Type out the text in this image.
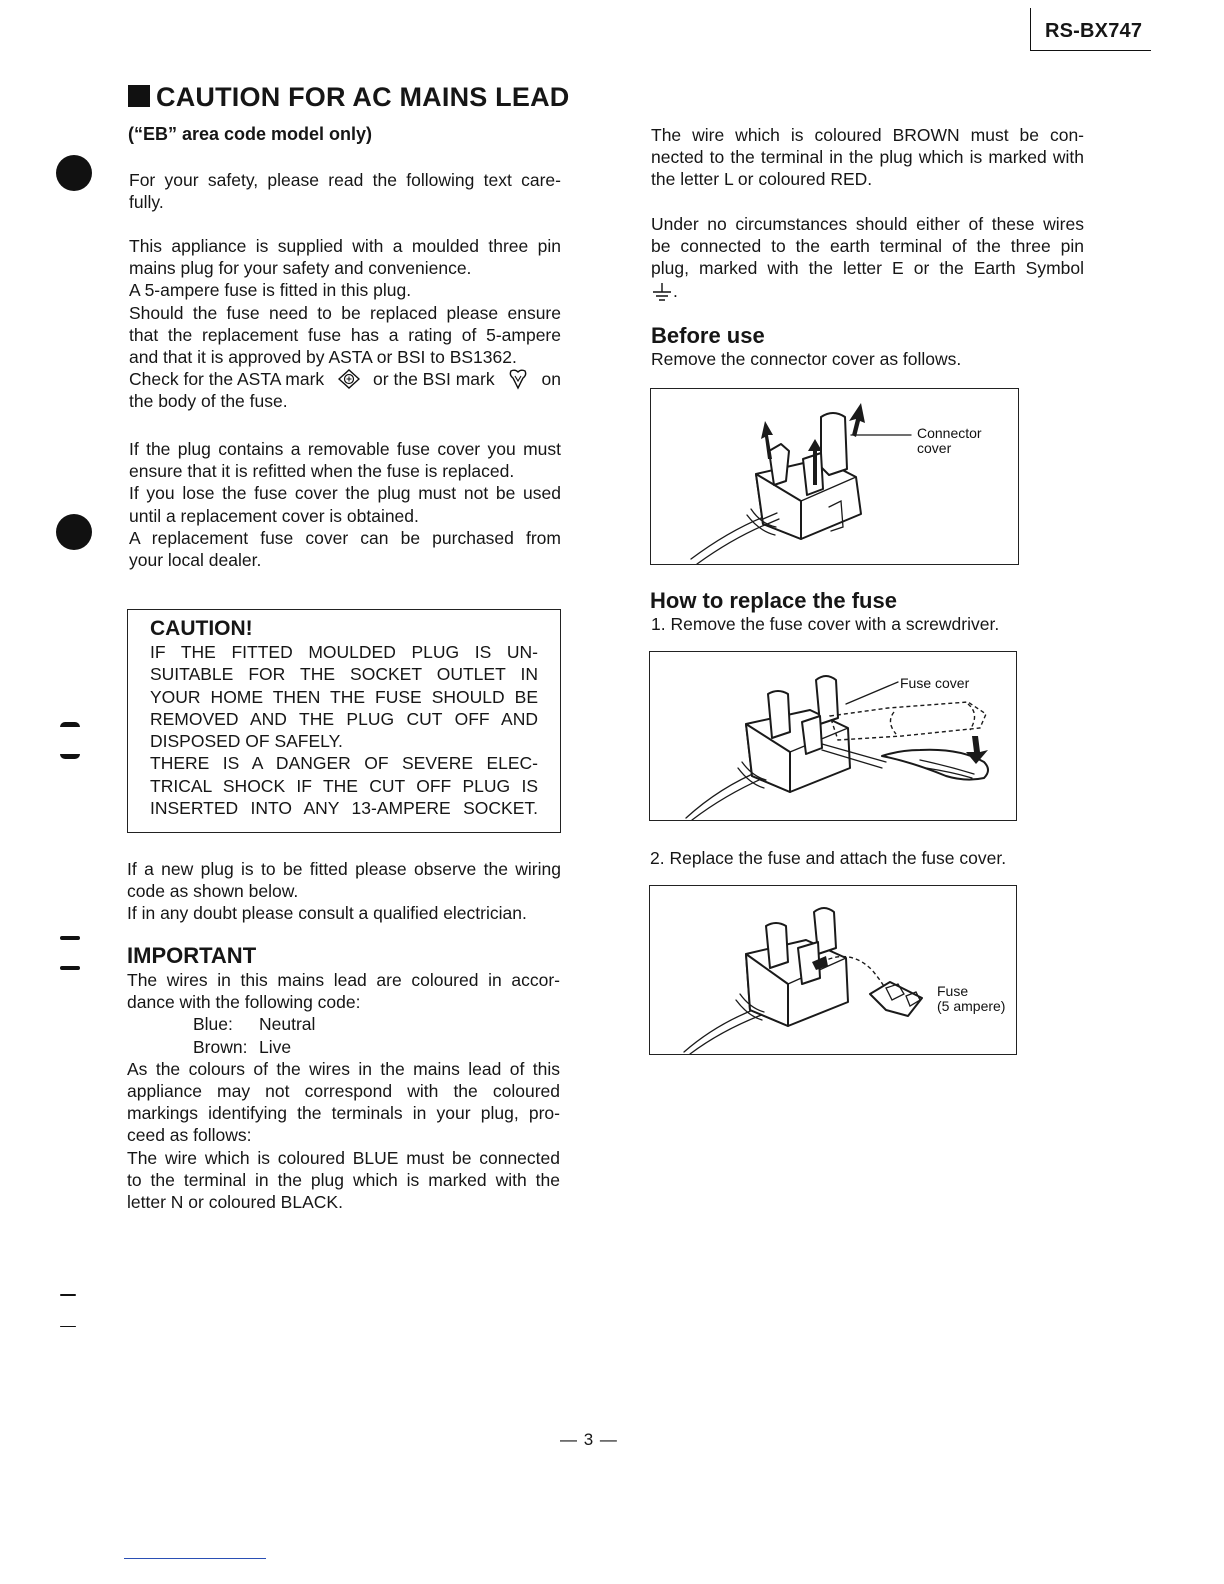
RS-BX747
CAUTION FOR AC MAINS LEAD
(“EB” area code model only)
For your safety, please read the following text care-
fully.
This appliance is supplied with a moulded three pin
mains plug for your safety and convenience.
A 5-ampere fuse is fitted in this plug.
Should the fuse need to be replaced please ensure
that the replacement fuse has a rating of 5-ampere
and that it is approved by ASTA or BSI to BS1362.
Check for the ASTA mark	or the BSI mark	on
the body of the fuse.
If the plug contains a removable fuse cover you must
ensure that it is refitted when the fuse is replaced.
If you lose the fuse cover the plug must not be used
until a replacement cover is obtained.
A replacement fuse cover can be purchased from
your local dealer.
CAUTION!
IF THE FITTED MOULDED PLUG IS UN-
SUITABLE FOR THE SOCKET OUTLET IN
YOUR HOME THEN THE FUSE SHOULD BE
REMOVED AND THE PLUG CUT OFF AND
DISPOSED OF SAFELY.
THERE IS A DANGER OF SEVERE ELEC-
TRICAL SHOCK IF THE CUT OFF PLUG IS
INSERTED INTO ANY 13-AMPERE SOCKET.
If a new plug is to be fitted please observe the wiring
code as shown below.
If in any doubt please consult a qualified electrician.
IMPORTANT
The wires in this mains lead are coloured in accor-
dance with the following code:
Blue: Neutral
Brown: Live
As the colours of the wires in the mains lead of this
appliance may not correspond with the coloured
markings identifying the terminals in your plug, pro-
ceed as follows:
The wire which is coloured BLUE must be connected
to the terminal in the plug which is marked with the
letter N or coloured BLACK.
The wire which is coloured BROWN must be con-
nected to the terminal in the plug which is marked with
the letter L or coloured RED.
Under no circumstances should either of these wires
be connected to the earth terminal of the three pin
plug, marked with the letter E or the Earth Symbol
.
Before use
Remove the connector cover as follows.
Connector
cover
How to replace the fuse
1. Remove the fuse cover with a screwdriver.
Fuse cover
2. Replace the fuse and attach the fuse cover.
Fuse
(5 ampere)
— 3 —
